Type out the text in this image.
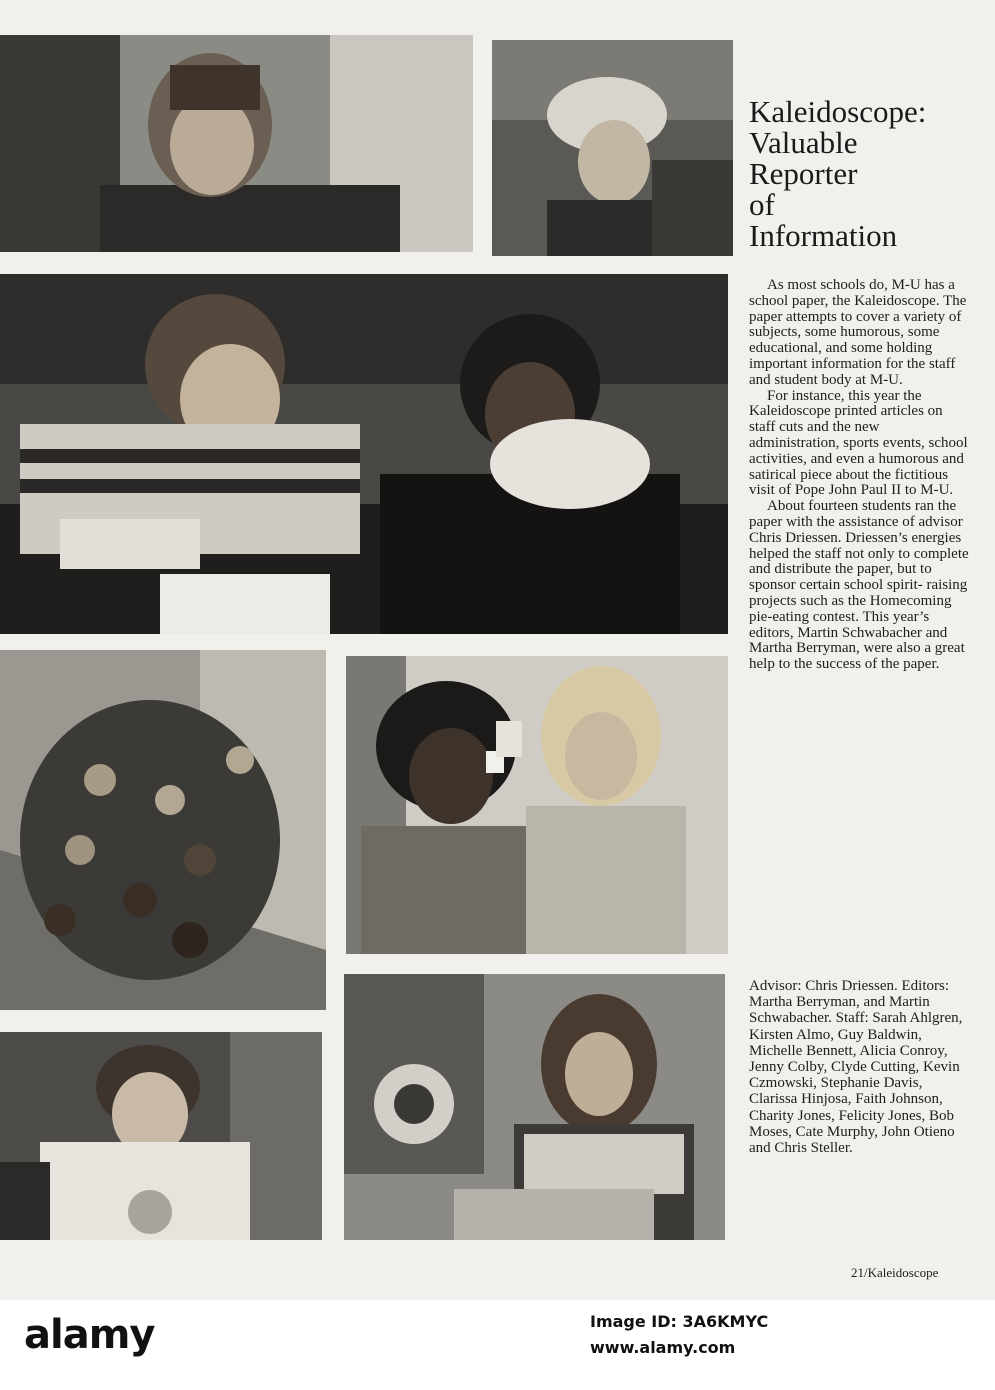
Kaleidoscope:
Valuable
Reporter
of
Information

As most schools do, M-U has a school paper, the Kaleidoscope. The paper attempts to cover a variety of subjects, some humorous, some educational, and some holding important information for the staff and student body at M-U.

For instance, this year the Kaleidoscope printed articles on staff cuts and the new administration, sports events, school activities, and even a humorous and satirical piece about the fictitious visit of Pope John Paul II to M-U.

About fourteen students ran the paper with the assistance of advisor Chris Driessen. Driessen’s energies helped the staff not only to complete and distribute the paper, but to sponsor certain school spirit- raising projects such as the Homecoming pie-eating contest. This year’s editors, Martin Schwabacher and Martha Berryman, were also a great help to the success of the paper.

Advisor: Chris Driessen. Editors: Martha Berryman, and Martin Schwabacher. Staff: Sarah Ahlgren, Kirsten Almo, Guy Baldwin, Michelle Bennett, Alicia Conroy, Jenny Colby, Clyde Cutting, Kevin Czmowski, Stephanie Davis, Clarissa Hinjosa, Faith Johnson, Charity Jones, Felicity Jones, Bob Moses, Cate Murphy, John Otieno and Chris Steller.

21/Kaleidoscope
alamy	Image ID: 3A6KMYC
www.alamy.com
